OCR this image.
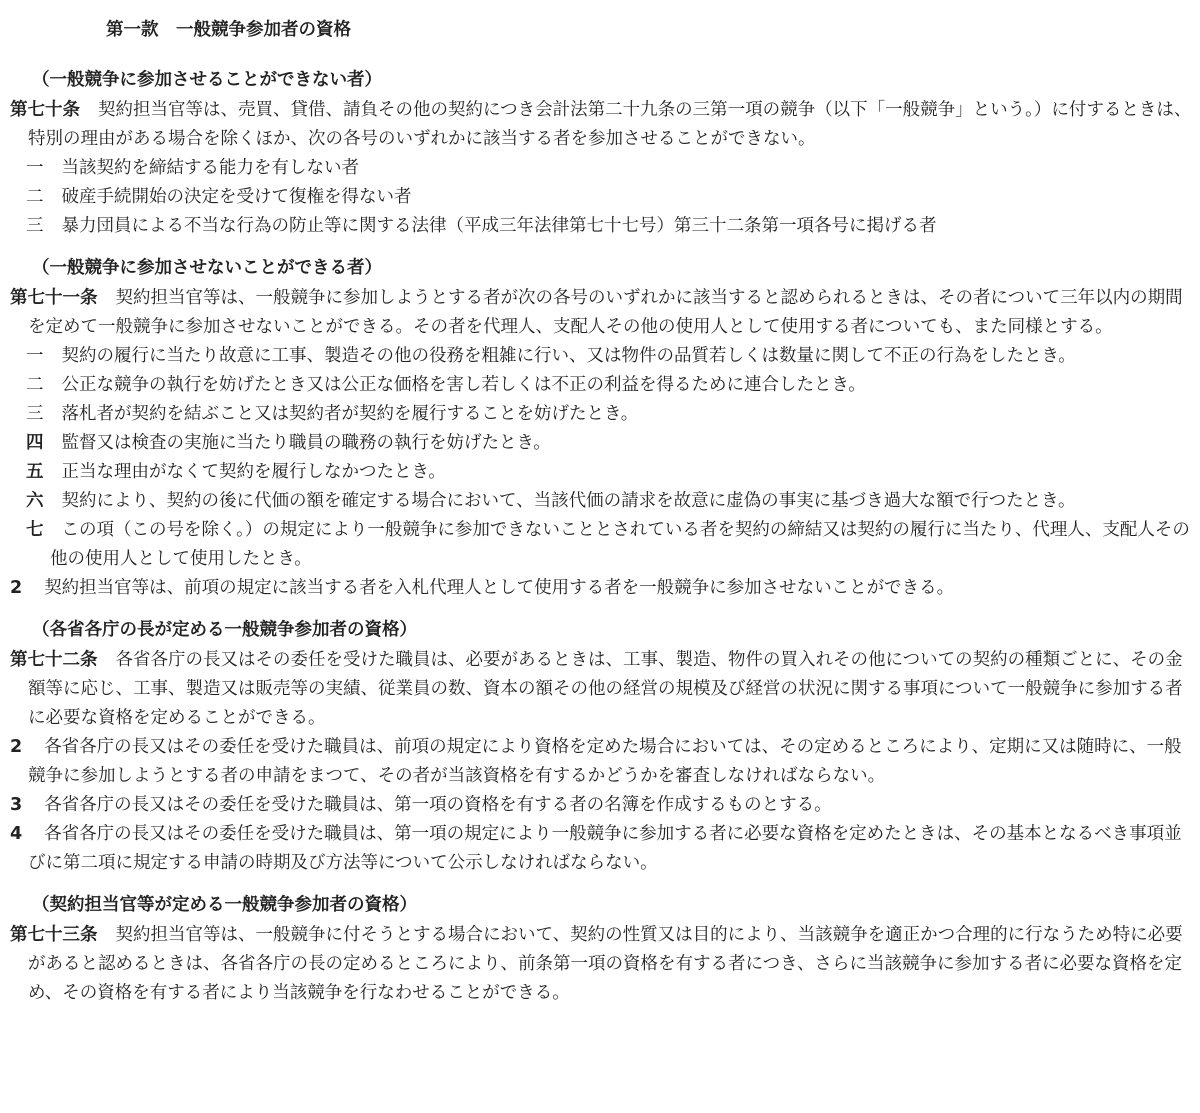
第一款　一般競争参加者の資格
（一般競争に参加させることができない者）

第七十条 契約担当官等は、売買、貸借、請負その他の契約につき会計法第二十九条の三第一項の競争（以下「一般競争」という。）に付するときは、特別の理由がある場合を除くほか、次の各号のいずれかに該当する者を参加させることができない。

一 当該契約を締結する能力を有しない者

二 破産手続開始の決定を受けて復権を得ない者

三 暴力団員による不当な行為の防止等に関する法律（平成三年法律第七十七号）第三十二条第一項各号に掲げる者

（一般競争に参加させないことができる者）

第七十一条 契約担当官等は、一般競争に参加しようとする者が次の各号のいずれかに該当すると認められるときは、その者について三年以内の期間を定めて一般競争に参加させないことができる。その者を代理人、支配人その他の使用人として使用する者についても、また同様とする。

一 契約の履行に当たり故意に工事、製造その他の役務を粗雑に行い、又は物件の品質若しくは数量に関して不正の行為をしたとき。

二 公正な競争の執行を妨げたとき又は公正な価格を害し若しくは不正の利益を得るために連合したとき。

三 落札者が契約を結ぶこと又は契約者が契約を履行することを妨げたとき。

四 監督又は検査の実施に当たり職員の職務の執行を妨げたとき。

五 正当な理由がなくて契約を履行しなかつたとき。

六 契約により、契約の後に代価の額を確定する場合において、当該代価の請求を故意に虚偽の事実に基づき過大な額で行つたとき。

七 この項（この号を除く。）の規定により一般競争に参加できないこととされている者を契約の締結又は契約の履行に当たり、代理人、支配人その他の使用人として使用したとき。

2 契約担当官等は、前項の規定に該当する者を入札代理人として使用する者を一般競争に参加させないことができる。

（各省各庁の長が定める一般競争参加者の資格）

第七十二条 各省各庁の長又はその委任を受けた職員は、必要があるときは、工事、製造、物件の買入れその他についての契約の種類ごとに、その金額等に応じ、工事、製造又は販売等の実績、従業員の数、資本の額その他の経営の規模及び経営の状況に関する事項について一般競争に参加する者に必要な資格を定めることができる。

2 各省各庁の長又はその委任を受けた職員は、前項の規定により資格を定めた場合においては、その定めるところにより、定期に又は随時に、一般競争に参加しようとする者の申請をまつて、その者が当該資格を有するかどうかを審査しなければならない。

3 各省各庁の長又はその委任を受けた職員は、第一項の資格を有する者の名簿を作成するものとする。

4 各省各庁の長又はその委任を受けた職員は、第一項の規定により一般競争に参加する者に必要な資格を定めたときは、その基本となるべき事項並びに第二項に規定する申請の時期及び方法等について公示しなければならない。

（契約担当官等が定める一般競争参加者の資格）

第七十三条 契約担当官等は、一般競争に付そうとする場合において、契約の性質又は目的により、当該競争を適正かつ合理的に行なうため特に必要があると認めるときは、各省各庁の長の定めるところにより、前条第一項の資格を有する者につき、さらに当該競争に参加する者に必要な資格を定め、その資格を有する者により当該競争を行なわせることができる。
